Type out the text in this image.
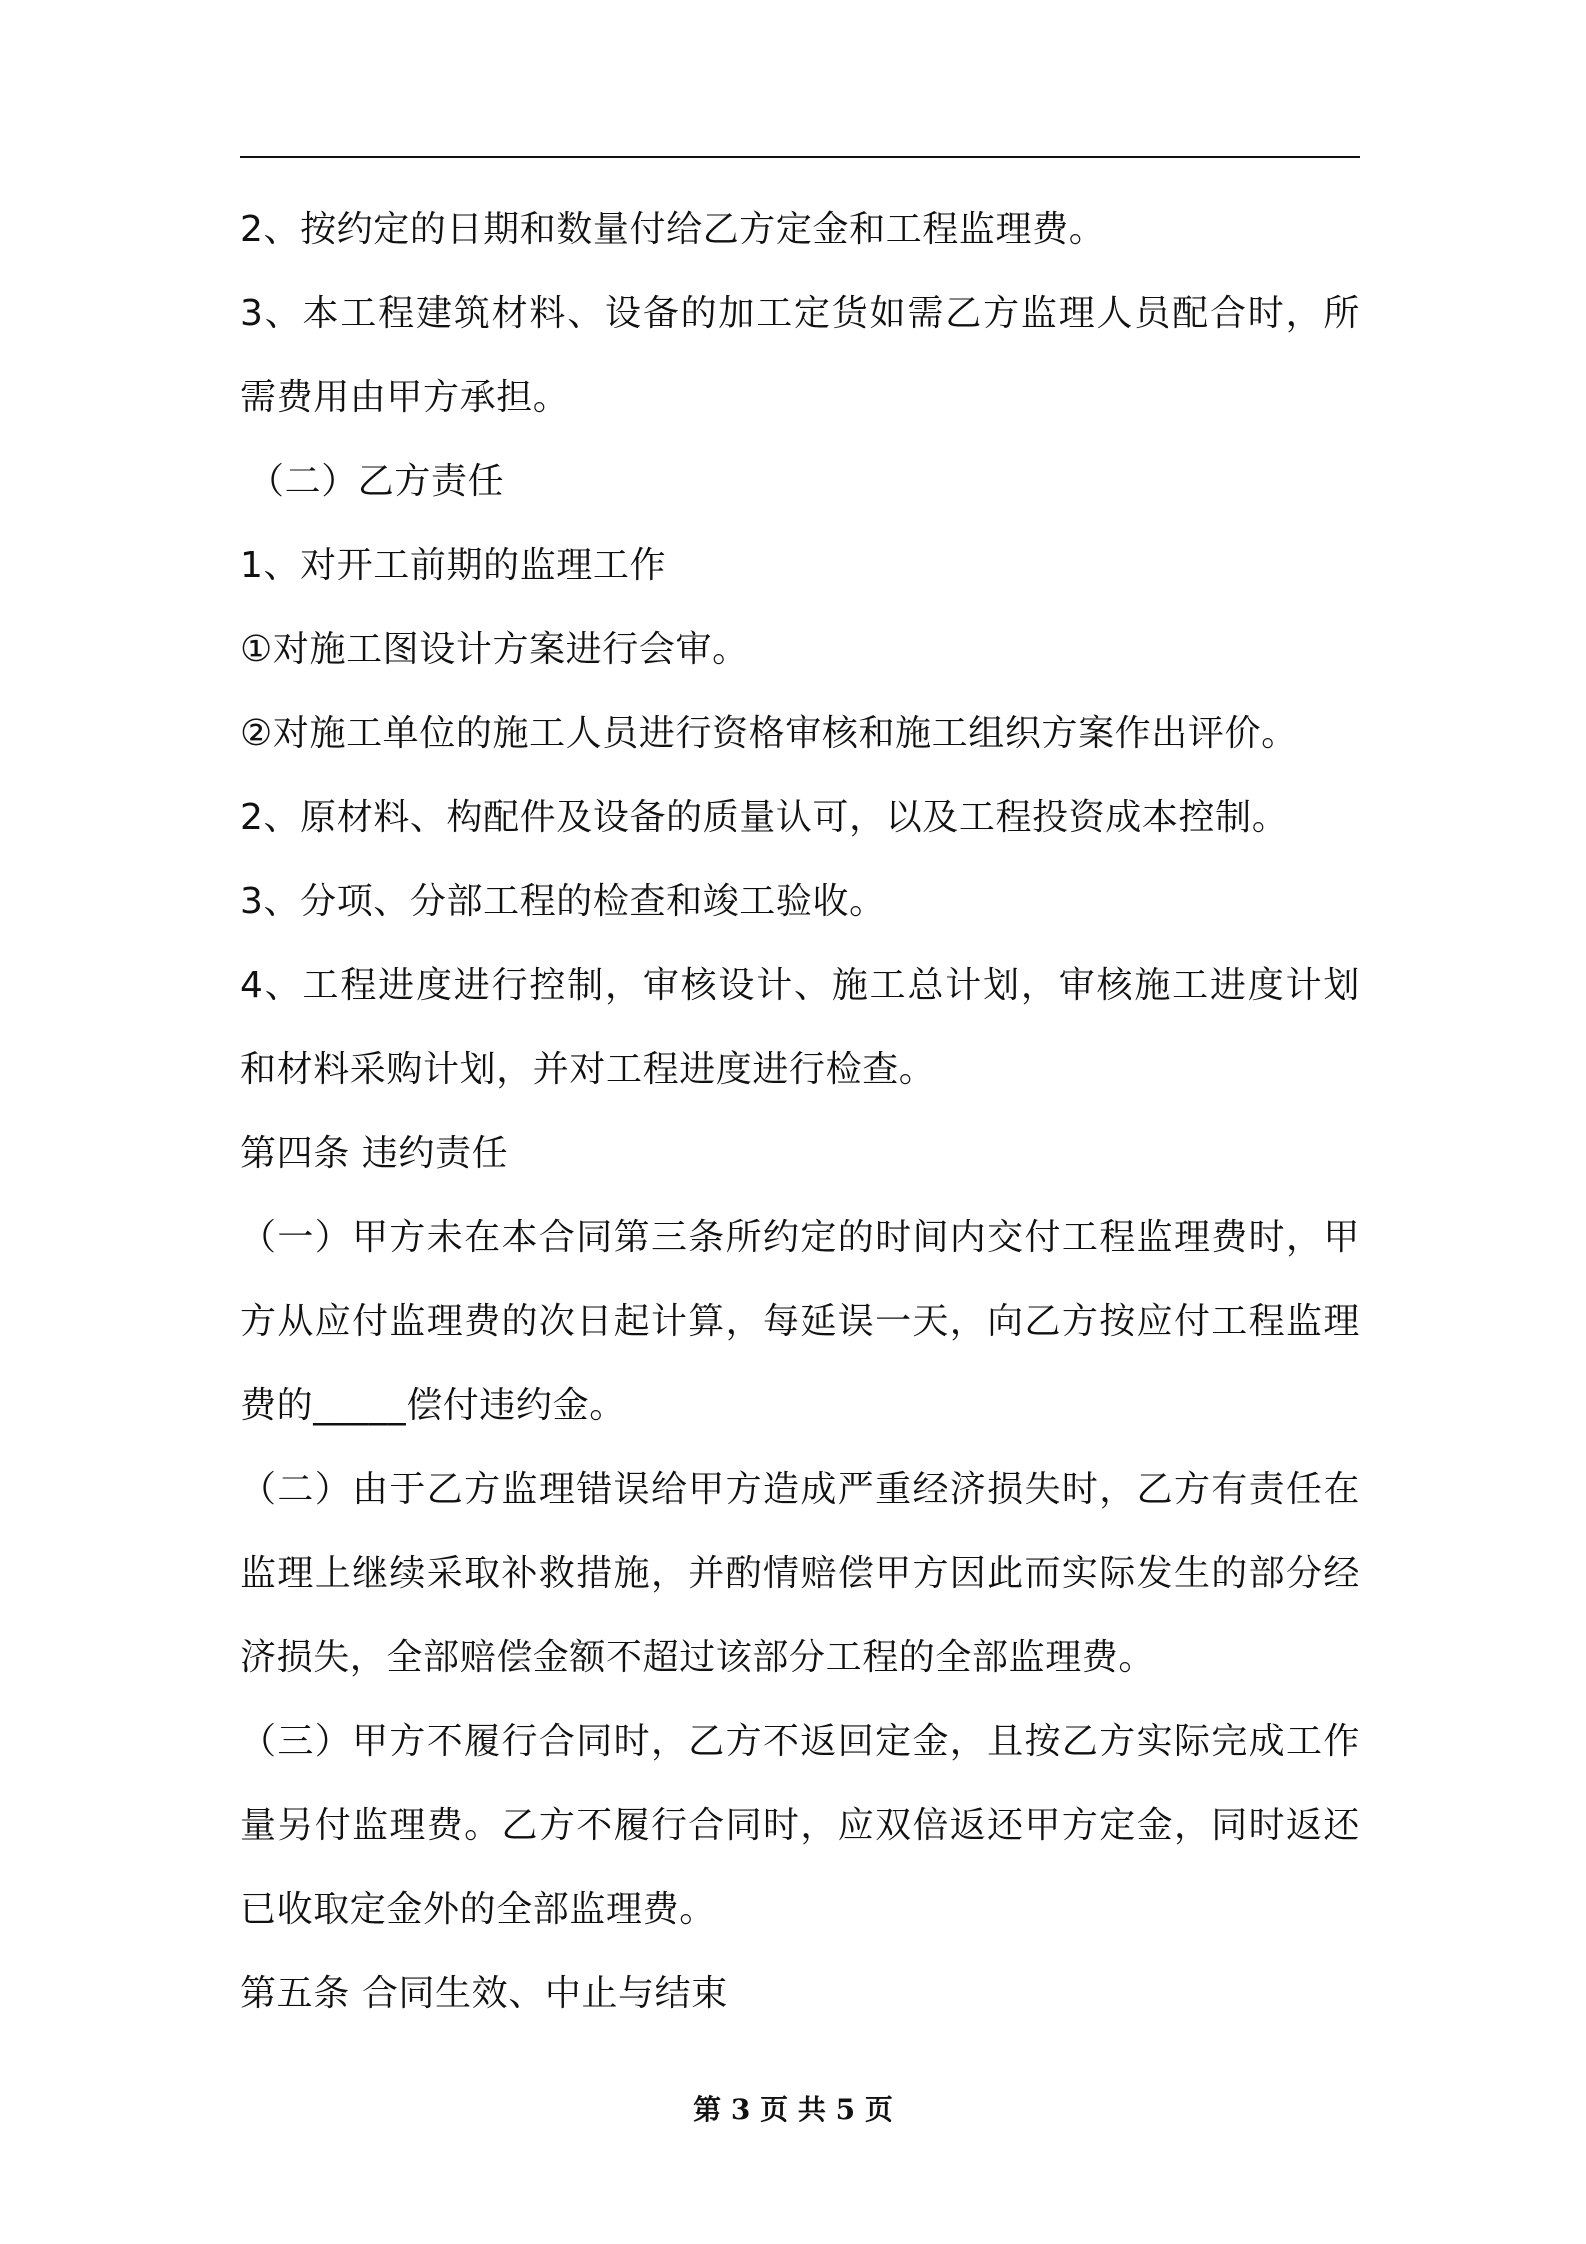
2、按约定的日期和数量付给乙方定金和工程监理费。

3、本工程建筑材料、设备的加工定货如需乙方监理人员配合时，所需费用由甲方承担。

（二）乙方责任

1、对开工前期的监理工作

①对施工图设计方案进行会审。

②对施工单位的施工人员进行资格审核和施工组织方案作出评价。

2、原材料、构配件及设备的质量认可，以及工程投资成本控制。

3、分项、分部工程的检查和竣工验收。

4、工程进度进行控制，审核设计、施工总计划，审核施工进度计划和材料采购计划，并对工程进度进行检查。

第四条 违约责任

（一）甲方未在本合同第三条所约定的时间内交付工程监理费时，甲方从应付监理费的次日起计算，每延误一天，向乙方按应付工程监理费的_____偿付违约金。

（二）由于乙方监理错误给甲方造成严重经济损失时，乙方有责任在监理上继续采取补救措施，并酌情赔偿甲方因此而实际发生的部分经济损失，全部赔偿金额不超过该部分工程的全部监理费。

（三）甲方不履行合同时，乙方不返回定金，且按乙方实际完成工作量另付监理费。乙方不履行合同时，应双倍返还甲方定金，同时返还已收取定金外的全部监理费。

第五条 合同生效、中止与结束

第 3 页 共 5 页
